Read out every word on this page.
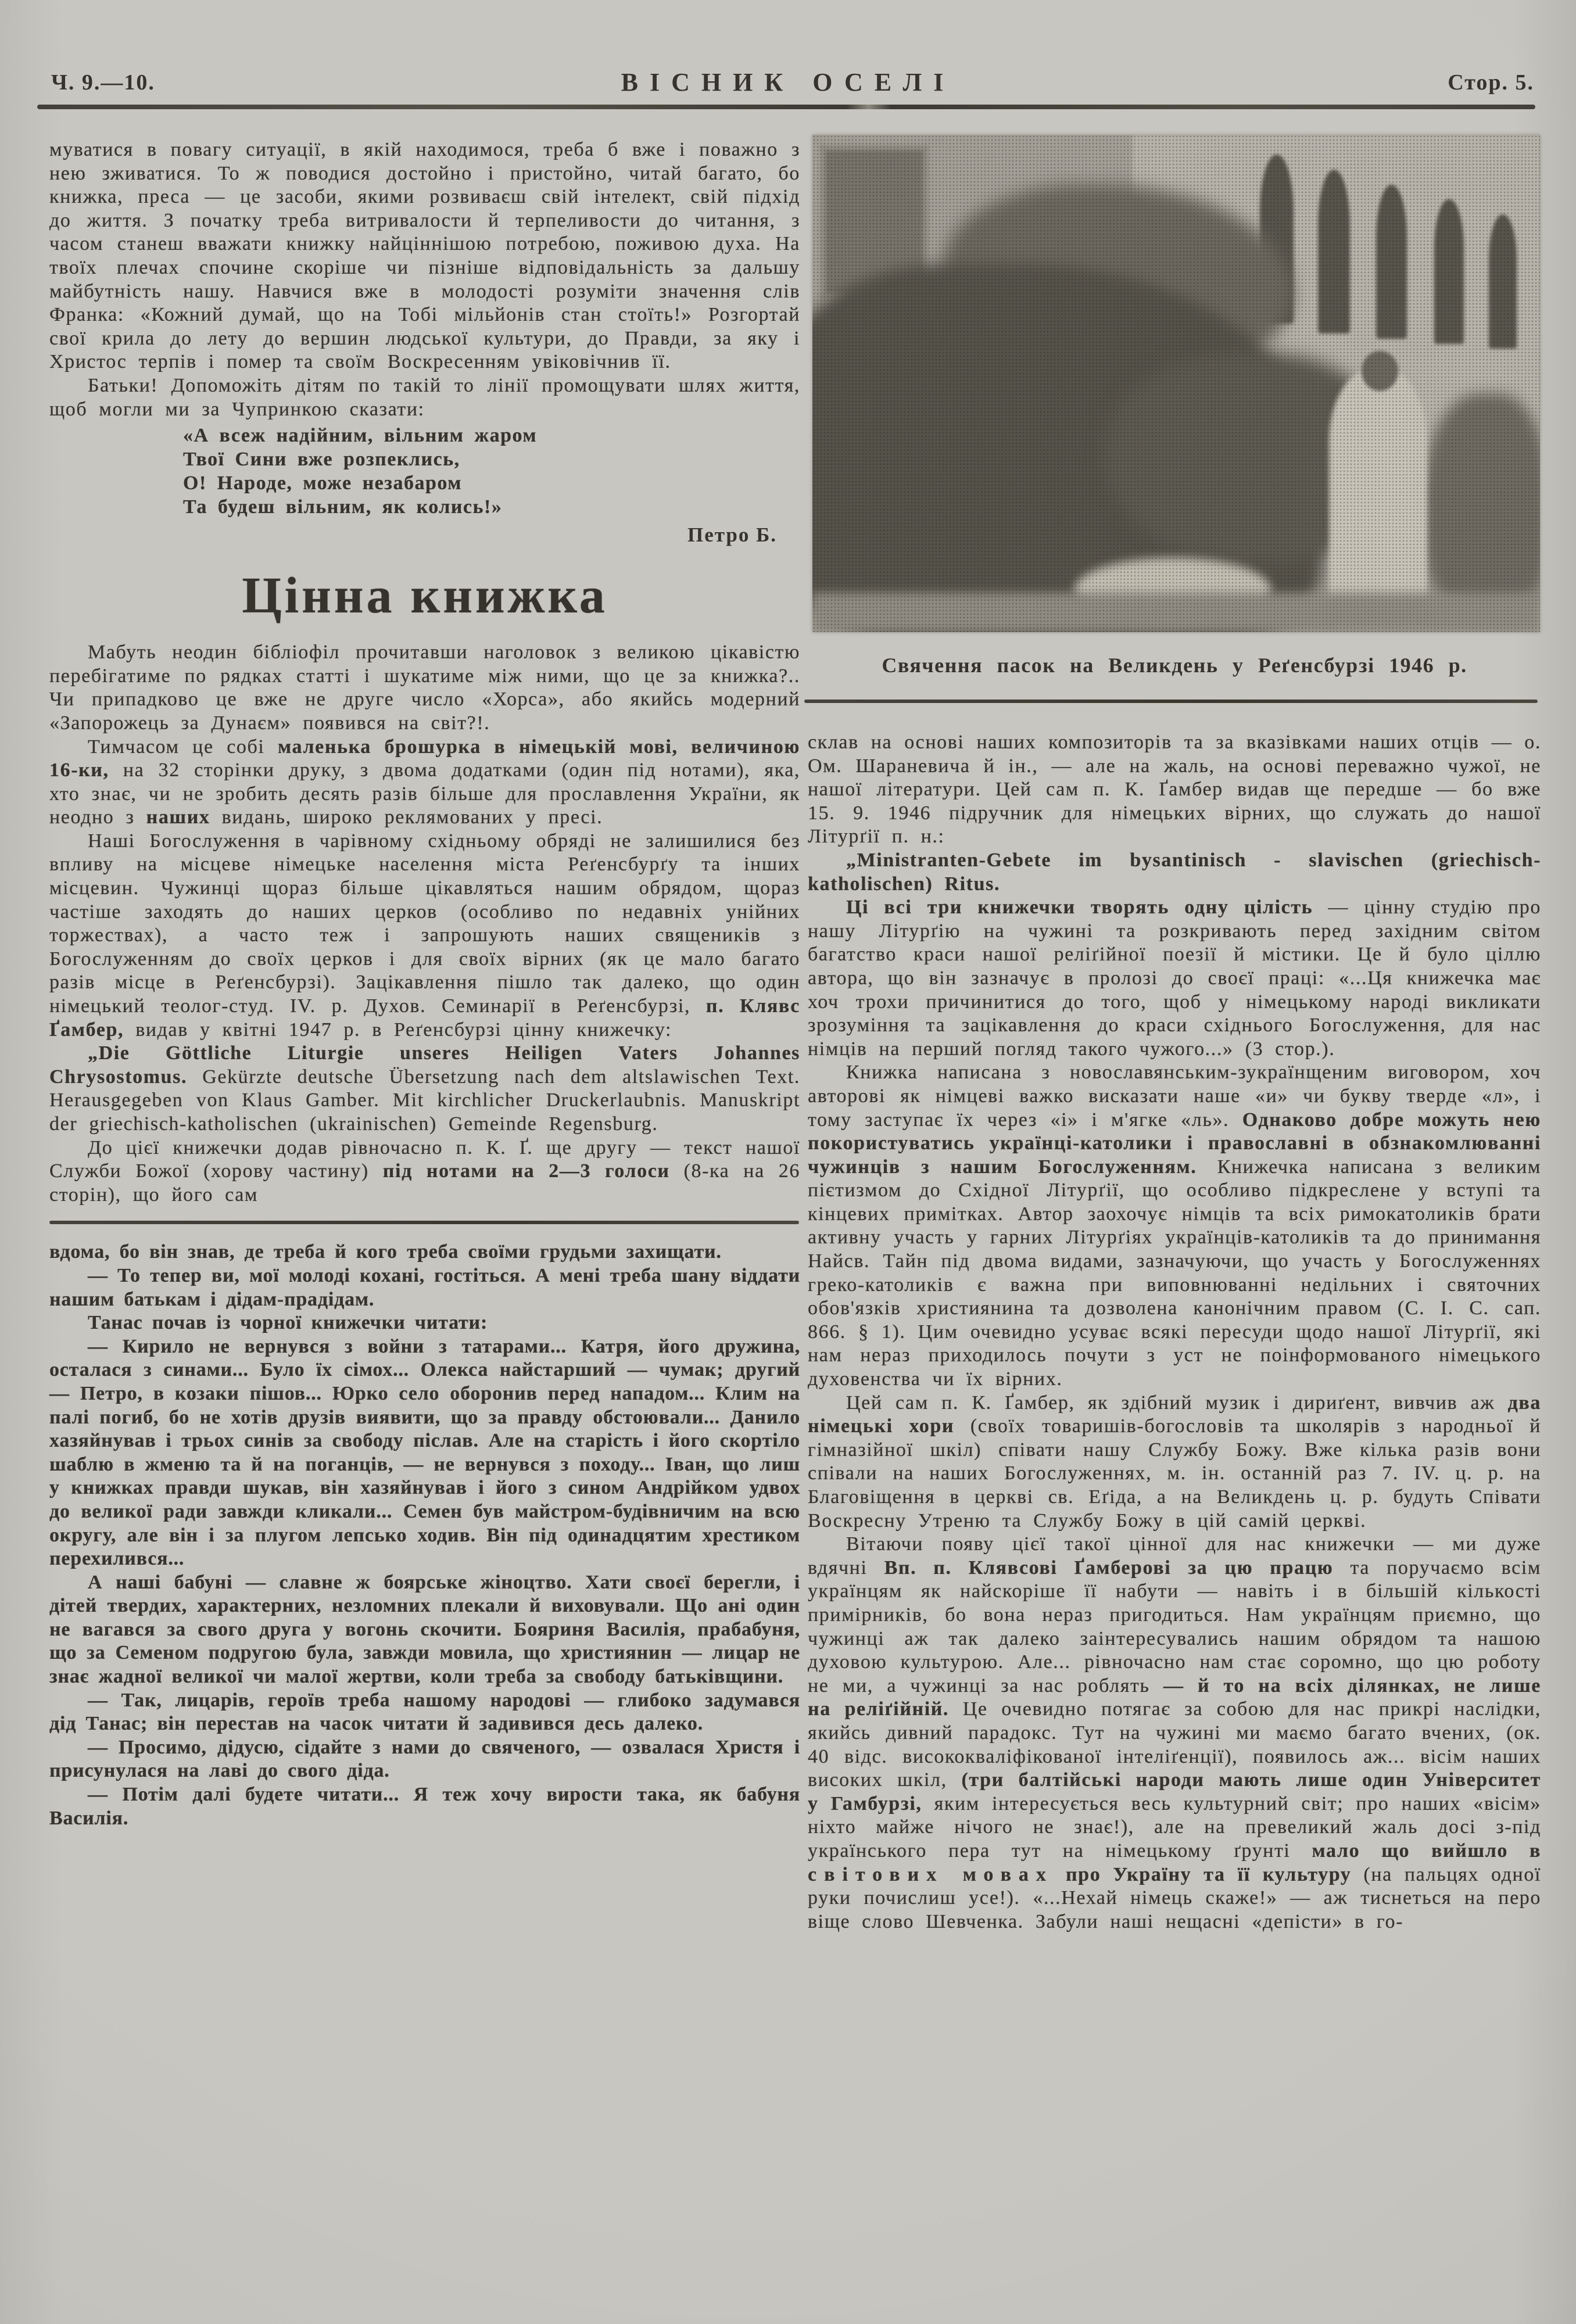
Ч. 9.—10.	ВІСНИК ОСЕЛІ	Стор. 5.
Свячення пасок на Великдень у Реґенсбурзі 1946 р.

муватися в повагу ситуації, в якій находимося, треба б вже і поважно з нею зживатися. То ж поводися достойно і пристойно, читай багато, бо книжка, преса — це засоби, якими розвиваєш свій інтелект, свій підхід до життя. З початку треба витривалости й терпеливости до читання, з часом станеш вважати книжку найціннішою потребою, поживою духа. На твоїх плечах спочине скоріше чи пізніше відповідальність за дальшу майбутність нашу. Навчися вже в молодості розуміти значення слів Франка: «Кожний думай, що на Тобі мільйонів стан стоїть!» Розгортай свої крила до лету до вершин людської культури, до Правди, за яку і Христос терпів і помер та своїм Воскресенням увіковічнив її.

Батьки! Допоможіть дітям по такій то лінії промощувати шлях життя, щоб могли ми за Чупринкою сказати:

«А всеж надійним, вільним жаром
Твої Сини вже розпеклись,
О! Народе, може незабаром
Та будеш вільним, як колись!»
Петро Б.
Цінна книжка

Мабуть неодин бібліофіл прочитавши наголовок з великою цікавістю перебігатиме по рядках статті і шукатиме між ними, що це за книжка?.. Чи припадково це вже не друге число «Хорса», або якийсь модерний «Запорожець за Дунаєм» появився на світ?!.

Тимчасом це собі маленька брошурка в німецькій мові, величиною 16-ки, на 32 сторінки друку, з двома додатками (один під нотами), яка, хто знає, чи не зробить десять разів більше для прославлення України, як неодно з наших видань, широко реклямованих у пресі.

Наші Богослуження в чарівному східньому обряді не залишилися без впливу на місцеве німецьке населення міста Реґенсбурґу та інших місцевин. Чужинці щораз більше цікавляться нашим обрядом, щораз частіше заходять до наших церков (особливо по недавніх унійних торжествах), а часто теж і запрошують наших священиків з Богослуженням до своїх церков і для своїх вірних (як це мало багато разів місце в Реґенсбурзі). Зацікавлення пішло так далеко, що один німецький теолог-студ. IV. р. Духов. Семинарії в Реґенсбурзі, п. Клявс Ґамбер, видав у квітні 1947 р. в Реґенсбурзі цінну книжечку:

„Die Göttliche Liturgie unseres Heiligen Vaters Johannes Chrysostomus. Gekürzte deutsche Übersetzung nach dem altslawischen Text. Herausgegeben von Klaus Gamber. Mit kirchlicher Druckerlaubnis. Manuskript der griechisch-katholischen (ukrainischen) Gemeinde Regensburg.

До цієї книжечки додав рівночасно п. К. Ґ. ще другу — текст нашої Служби Божої (хорову частину) під нотами на 2—3 голоси (8-ка на 26 сторін), що його сам

вдома, бо він знав, де треба й кого треба своїми грудьми захищати.

— То тепер ви, мої молоді кохані, гостіться. А мені треба шану віддати нашим батькам і дідам-прадідам.

Танас почав із чорної книжечки читати:

— Кирило не вернувся з войни з татарами... Катря, його дружина, осталася з синами... Було їх сімох... Олекса найстарший — чумак; другий — Петро, в козаки пішов... Юрко село оборонив перед нападом... Клим на палі погиб, бо не хотів друзів виявити, що за правду обстоювали... Данило хазяйнував і трьох синів за свободу післав. Але на старість і його скортіло шаблю в жменю та й на поганців, — не вернувся з походу... Іван, що лиш у книжках правди шукав, він хазяйнував і його з сином Андрійком удвох до великої ради завжди кликали... Семен був майстром-будівничим на всю округу, але він і за плугом лепсько ходив. Він під одинадцятим хрестиком перехилився...

А наші бабуні — славне ж боярське жіноцтво. Хати своєї берегли, і дітей твердих, характерних, незломних плекали й виховували. Що ані один не вагався за свого друга у вогонь скочити. Бояриня Василія, прабабуня, що за Семеном подругою була, завжди мовила, що християнин — лицар не знає жадної великої чи малої жертви, коли треба за свободу батьківщини.

— Так, лицарів, героїв треба нашому народові — глибоко задумався дід Танас; він перестав на часок читати й задивився десь далеко.

— Просимо, дідусю, сідайте з нами до свяченого, — озвалася Христя і присунулася на лаві до свого діда.

— Потім далі будете читати... Я теж хочу вирости така, як бабуня Василія.

склав на основі наших композиторів та за вказівками наших отців — о. Ом. Шараневича й ін., — але на жаль, на основі переважно чужої, не нашої літератури. Цей сам п. К. Ґамбер видав ще передше — бо вже 15. 9. 1946 підручник для німецьких вірних, що служать до нашої Літурґії п. н.:

„Ministranten-Gebete im bysantinisch - slavischen (griechisch-katholischen) Ritus.

Ці всі три книжечки творять одну цілість — цінну студію про нашу Літурґію на чужині та розкривають перед західним світом багатство краси нашої реліґійної поезії й містики. Це й було ціллю автора, що він зазначує в пролозі до своєї праці: «...Ця книжечка має хоч трохи причинитися до того, щоб у німецькому народі викликати зрозуміння та зацікавлення до краси східнього Богослуження, для нас німців на перший погляд такого чужого...» (3 стор.).

Книжка написана з новославянським-зукраїнщеним виговором, хоч авторові як німцеві важко висказати наше «и» чи букву тверде «л», і тому заступає їх через «і» і м'ягке «ль». Однаково добре можуть нею покористуватись українці-католики і православні в обзнакомлюванні чужинців з нашим Богослуженням. Книжечка написана з великим пієтизмом до Східної Літурґії, що особливо підкреслене у вступі та кінцевих примітках. Автор заохочує німців та всіх римокатоликів брати активну участь у гарних Літурґіях українців-католиків та до принимання Найсв. Тайн під двома видами, зазначуючи, що участь у Богослуженнях греко-католиків є важна при виповнюванні недільних і святочних обов'язків християнина та дозволена канонічним правом (C. I. C. cап. 866. § 1). Цим очевидно усуває всякі пересуди щодо нашої Літурґії, які нам нераз приходилось почути з уст не поінформованого німецького духовенства чи їх вірних.

Цей сам п. К. Ґамбер, як здібний музик і дириґент, вивчив аж два німецькі хори (своїх товаришів-богословів та школярів з народньої й гімназійної шкіл) співати нашу Службу Божу. Вже кілька разів вони співали на наших Богослуженнях, м. ін. останній раз 7. IV. ц. р. на Благовіщення в церкві св. Еґіда, а на Великдень ц. р. будуть Співати Воскресну Утреню та Службу Божу в цій самій церкві.

Вітаючи появу цієї такої цінної для нас книжечки — ми дуже вдячні Вп. п. Клявсові Ґамберові за цю працю та поручаємо всім українцям як найскоріше її набути — навіть і в більшій кількості примірників, бо вона нераз пригодиться. Нам українцям приємно, що чужинці аж так далеко заінтересувались нашим обрядом та нашою духовою культурою. Але... рівночасно нам стає соромно, що цю роботу не ми, а чужинці за нас роблять — й то на всіх ділянках, не лише на реліґійній. Це очевидно потягає за собою для нас прикрі наслідки, якийсь дивний парадокс. Тут на чужині ми маємо багато вчених, (ок. 40 відс. висококваліфікованої інтеліґенції), появилось аж... вісім наших високих шкіл, (три балтійські народи мають лише один Університет у Гамбурзі, яким інтересується весь культурний світ; про наших «вісім» ніхто майже нічого не знає!), але на превеликий жаль досі з-під українського пера тут на німецькому ґрунті мало що вийшло в світових мовах про Україну та її культуру (на пальцях одної руки почислиш усе!). «...Нехай німець скаже!» — аж тиснеться на перо віще слово Шевченка. Забули наші нещасні «депісти» в го-
